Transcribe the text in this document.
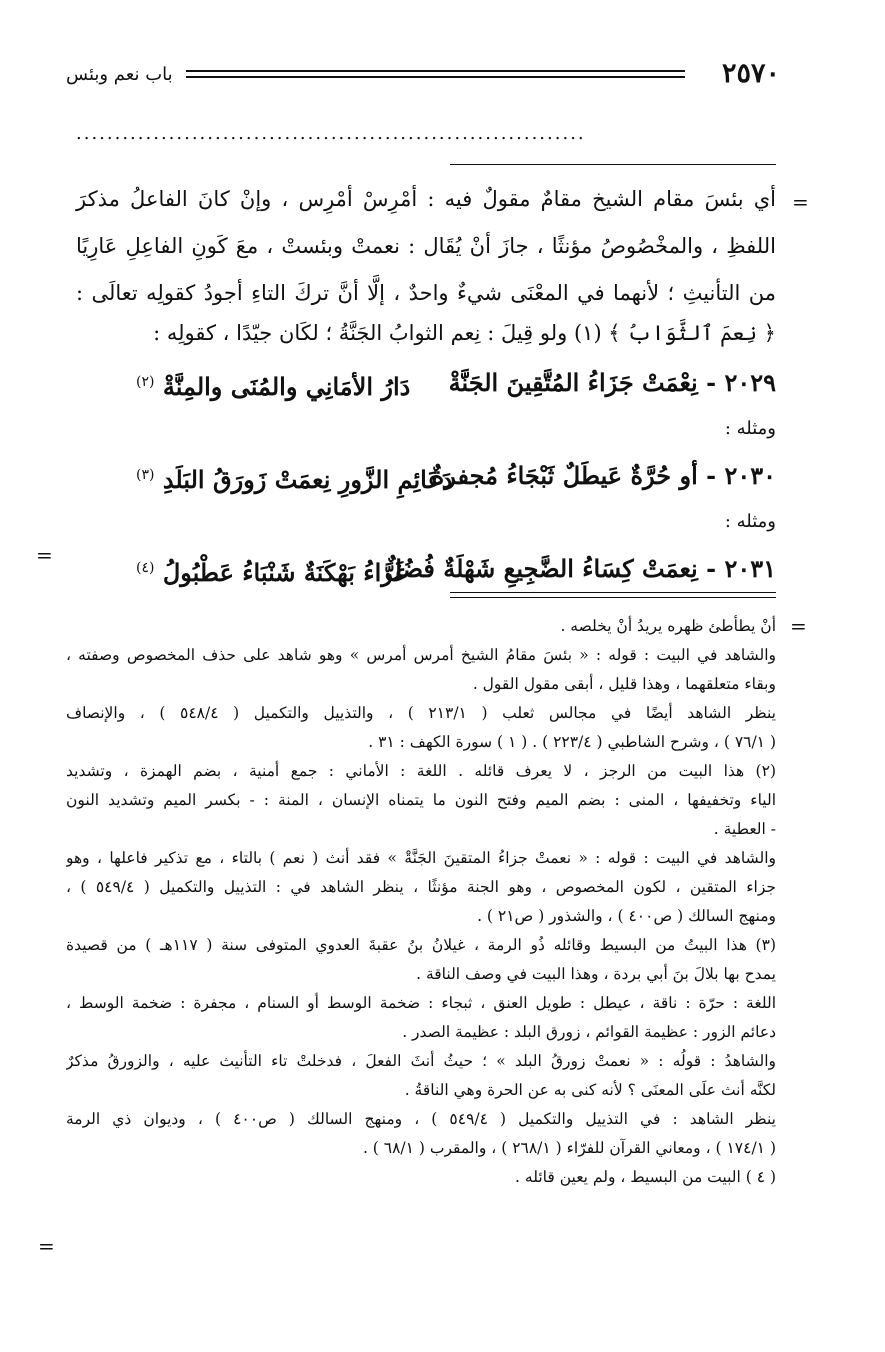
٢٥٧٠
باب نعم وبئس
..................................................................
=
أي بئسَ مقام الشيخ مقامٌ مقولٌ فيه : أمْرِسْ أمْرِس ، وإنْ كانَ الفاعلُ مذكرَ
اللفظِ ، والمخْصُوصُ مؤنثًا ، جازَ أنْ يُقَال : نعمتْ وبئستْ ، معَ كَونِ الفاعِلِ عَارِيًا
من التأنيثِ ؛ لأنهما في المعْنَى شيءٌ واحدٌ ، إلَّا أنَّ تركَ التاءِ أجودُ كقولِه تعالَى :
﴿ نِعمَ ٱلثَّوَابُ ﴾ (١) ولو قِيلَ : نِعم الثوابُ الجَنَّةُ ؛ لكَان جيّدًا ، كقولِه :
٢٠٢٩ - نِعْمَتْ جَزَاءُ المُتَّقِينَ الجَنَّةْ
دَارُ الأمَانِي والمُنَى والمِنَّةْ $^{(٢)}$
ومثله :
٢٠٣٠ - أو حُرَّةٌ عَيطَلٌ ثَبْجَاءُ مُجفرةٌ
دَعَائِمِ الزَّورِ نِعمَتْ زَورَقُ البَلَدِ $^{(٣)}$
ومثله :
٢٠٣١ - نِعمَتْ كِسَاءُ الضَّجِيعِ شَهْلَةٌ فُضُلٌ
غَرَّاءُ بَهْكَنَةٌ شَنْبَاءُ عَطْبُولُ $^{(٤)}$
=
=
أنْ يطأطئ ظهره يريدُ أنْ يخلصه .
والشاهد في البيت : قوله : « بئسَ مقامُ الشيخ أمرس أمرس » وهو شاهد على حذف المخصوص وصفته ،
وبقاء متعلقهما ، وهذا قليل ، أبقى مقول القول .
ينظر الشاهد أيضًا في مجالس ثعلب ( ٢١٣/١ ) ، والتذييل والتكميل ( ٥٤٨/٤ ) ، والإنصاف
( ٧٦/١ ) ، وشرح الشاطبي ( ٢٢٣/٤ ) . ( ١ ) سورة الكهف : ٣١ .
(٢) هذا البيت من الرجز ، لا يعرف قائله . اللغة : الأماني : جمع أمنية ، بضم الهمزة ، وتشديد
الياء وتخفيفها ، المنى : بضم الميم وفتح النون ما يتمناه الإنسان ، المنة : - بكسر الميم وتشديد النون
- العطية .
والشاهد في البيت : قوله : « نعمتْ جزاءُ المتقينَ الجَنَّةْ » فقد أنث ( نعم ) بالتاء ، مع تذكير فاعلها ، وهو
جزاء المتقين ، لكون المخصوص ، وهو الجنة مؤنثًا ، ينظر الشاهد في : التذييل والتكميل ( ٥٤٩/٤ ) ،
ومنهج السالك ( ص٤٠٠ ) ، والشذور ( ص٢١ ) .
(٣) هذا البيتُ من البسيط وقائله ذُو الرمة ، غيلانُ بنُ عقبةَ العدوي المتوفى سنة ( ١١٧هـ ) من قصيدة
يمدح بها بلالَ بنَ أبي بردة ، وهذا البيت في وصف الناقة .
اللغة : حرّة : ناقة ، عيطل : طويل العنق ، ثبجاء : ضخمة الوسط أو السنام ، مجفرة : ضخمة الوسط ،
دعائم الزور : عظيمة القوائم ، زورق البلد : عظيمة الصدر .
والشاهدُ : قولُه : « نعمتْ زورقُ البلد » ؛ حيثُ أنثَ الفعلَ ، فدخلتْ تاء التأنيث عليه ، والزورقُ مذكرٌ
لكنَّه أنث علَى المعنَى ؟ لأنه كنى به عن الحرة وهي الناقةُ .
ينظر الشاهد : في التذييل والتكميل ( ٥٤٩/٤ ) ، ومنهج السالك ( ص٤٠٠ ) ، وديوان ذي الرمة
( ١٧٤/١ ) ، ومعاني القرآن للفرّاء ( ٢٦٨/١ ) ، والمقرب ( ٦٨/١ ) .
( ٤ ) البيت من البسيط ، ولم يعين قائله .
=
